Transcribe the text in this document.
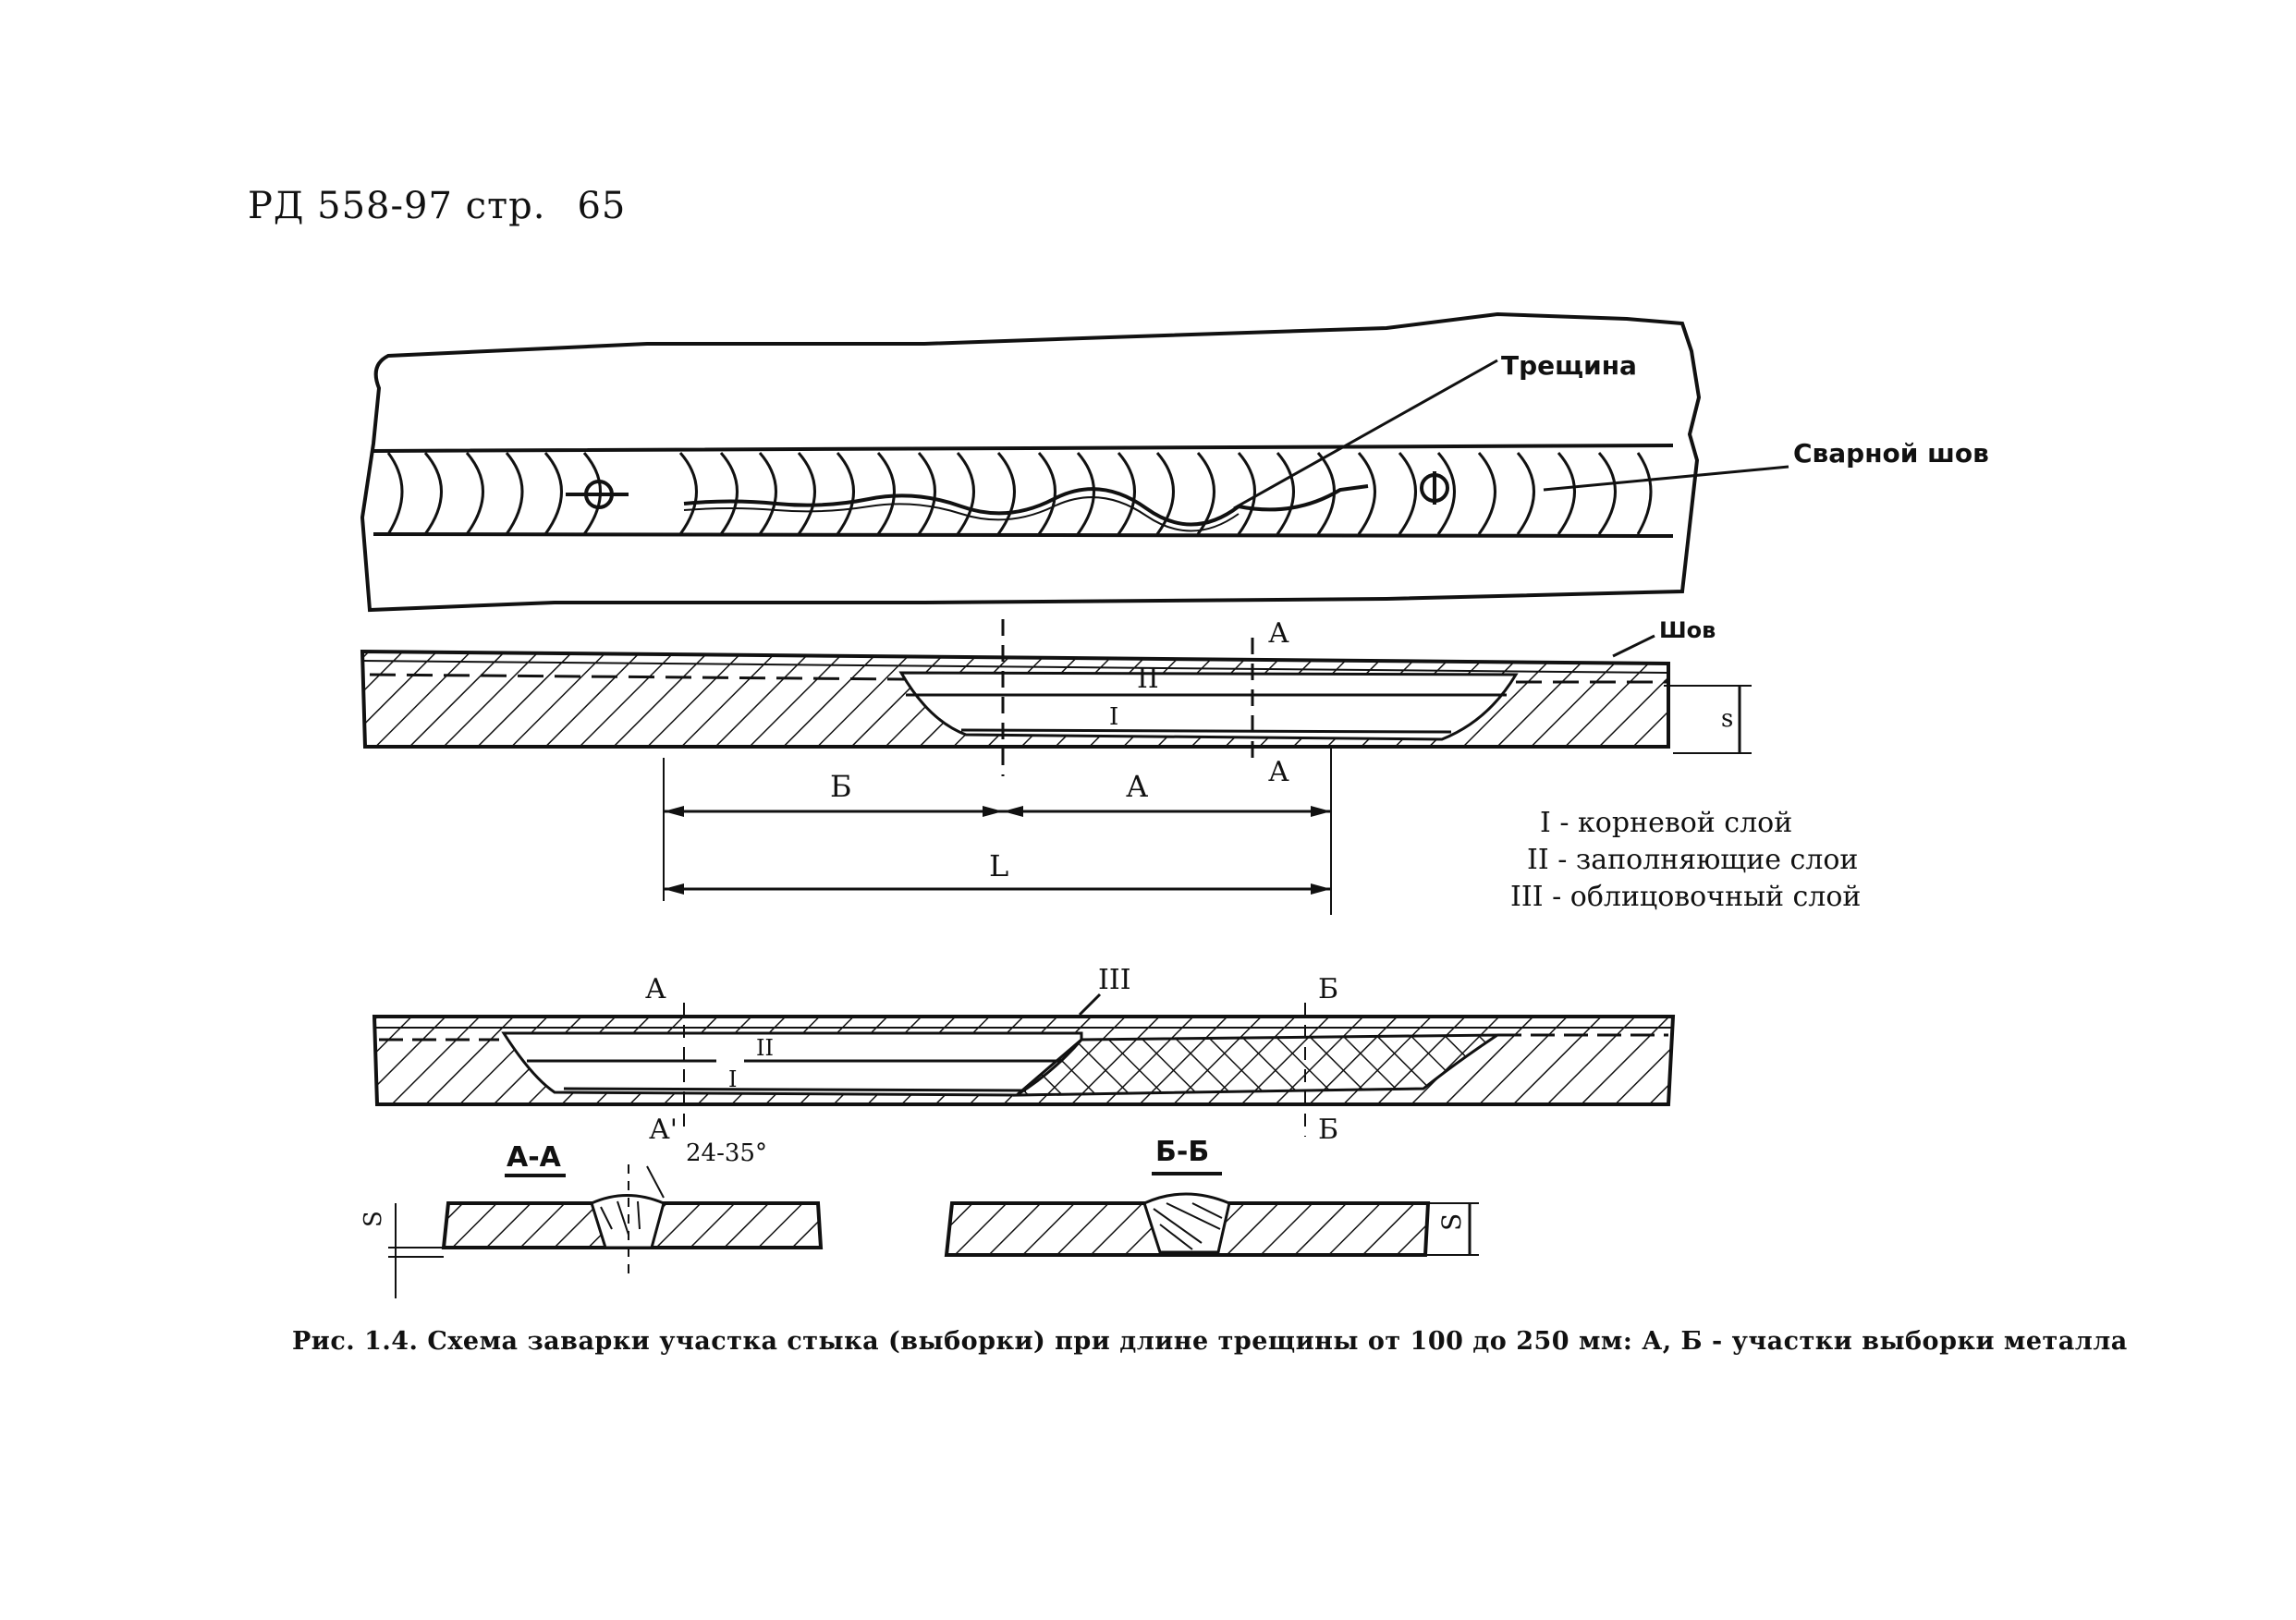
РД 558-97 стр. 65
Трещина
Сварной шов
А
А
II
I
Шов
s
Б	А
L
I - корневой слой
II - заполняющие слои
III - облицовочный слой
III
А
А'
Б
Б
II
I
А-А	24-35°
S
Б-Б
S
Рис. 1.4. Схема заварки участка стыка (выборки) при длине трещины от 100 до 250 мм: А, Б - участки выборки металла
